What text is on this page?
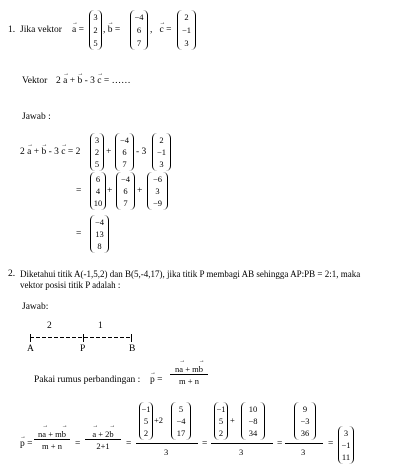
1. Jika vektor → a =
3
2
5
, → b =
−4
6
7
,   → c =
2
−1
3
Vektor 2 → a + → b - 3 → c = ……
Jawab :
2 → a + → b - 3 → c = 2
3
2
5
+
−4
6
7
- 3
2
−1
3
=
6
4
10
+
−4
6
7
+
−6
3
−9
=
−4
13
8
2. Diketahui titik A(-1,5,2) dan B(5,-4,17), jika titik P membagi AB sehingga AP:PB = 2:1, maka
vektor posisi titik P adalah :
Jawab:
2	1
A	P	B
Pakai rumus perbandingan : → $p = \frac{n\to a + m\to b}{m + n}$
→ $p = \frac{n\to a + m\to b}{m + n}$ = → $\frac{a + 2\to b}{2+1}$ =
−1
5
2
+2
5
−4
17
3
=
−1
5
2
+
10
−8
34
3
=
9
−3
36
3
=
3
−1
11
